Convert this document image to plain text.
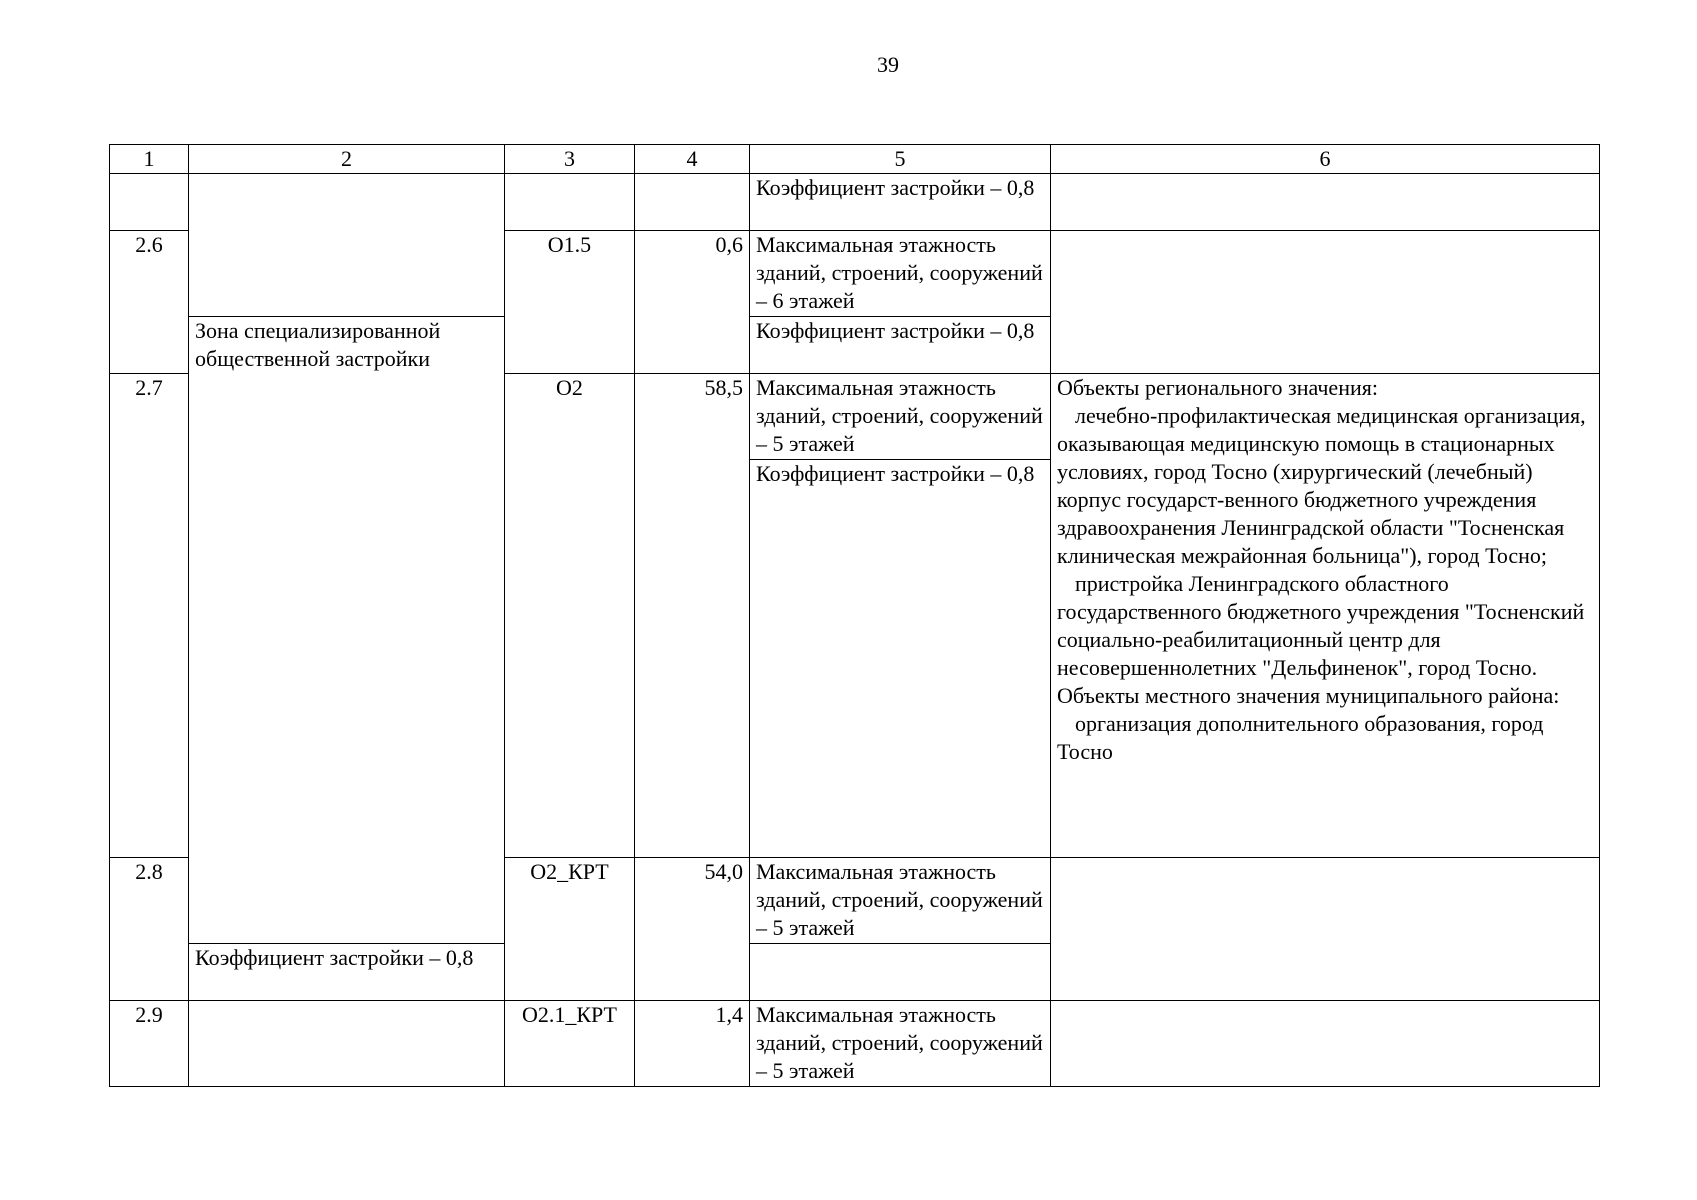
39
1	2	3	4	5	6
				Коэффициент застройки – 0,8	
2.6		О1.5	0,6	Максимальная этажность зданий, строений, сооружений – 6 этажей	
	Зона специализированной общественной застройки			Коэффициент застройки – 0,8	
2.7		О2	58,5	Максимальная этажность зданий, строений, сооружений – 5 этажей	Объекты регионального значения:
лечебно-профилактическая медицинская организация, оказывающая медицинскую помощь в стационарных условиях, город Тосно (хирургический (лечебный) корпус государст-венного бюджетного учреждения здравоохранения Ленинградской области "Тосненская клиническая межрайонная больница"), город Тосно;
пристройка Ленинградского областного государственного бюджетного учреждения "Тосненский социально-реабилитационный центр для несовершеннолетних "Дельфиненок", город Тосно.
Объекты местного значения муниципального района:
организация дополнительного образования, город Тосно

				Коэффициент застройки – 0,8	
2.8		О2_КРТ	54,0	Максимальная этажность зданий, строений, сооружений – 5 этажей	
	Коэффициент застройки – 0,8				
2.9		О2.1_КРТ	1,4	Максимальная этажность зданий, строений, сооружений – 5 этажей	
